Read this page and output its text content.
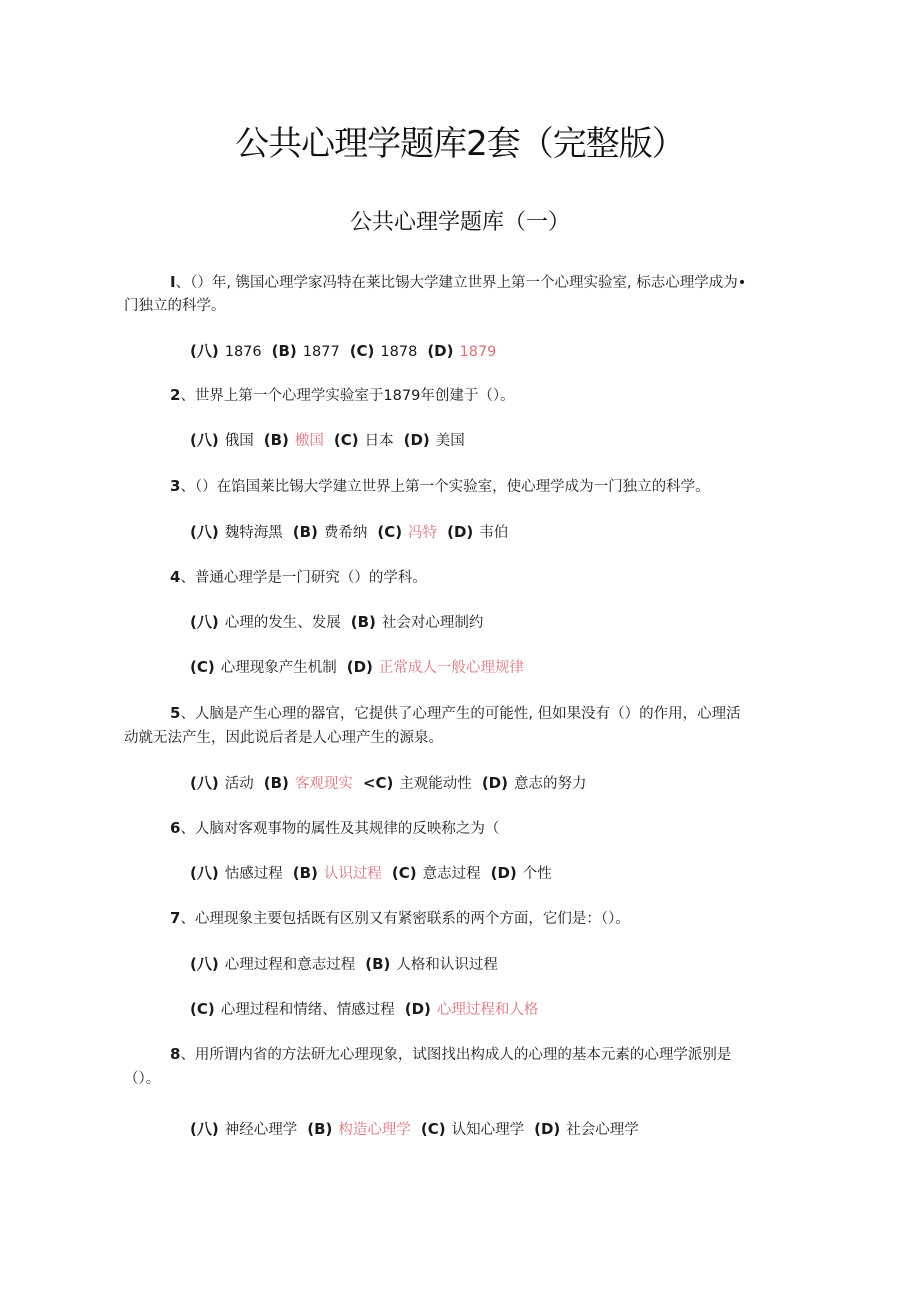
公共心理学题库2套（完整版）
公共心理学题库（一）
I、（）年, 镌国心理学家冯特在莱比锡大学建立世界上第一个心理实验室, 标志心理学成为•
门独立的科学。
(八) 1876 (B) 1877 (C) 1878 (D) 1879
2、世界上第一个心理学实验室于1879年创建于（）。
(八) 俄国 (B) 檄国 (C) 日本 (D) 美国
3、（）在馅国莱比锡大学建立世界上第一个实验室，使心理学成为一门独立的科学。
(八) 魏特海黑 (B) 费希纳 (C) 冯特 (D) 韦伯
4、普通心理学是一门研究（）的学科。
(八) 心理的发生、发展 (B) 社会对心理制约
(C) 心理现象产生机制 (D) 正常成人一般心理规律
5、人脑是产生心理的器官，它提供了心理产生的可能性, 但如果没有（）的作用，心理活
动就无法产生，因此说后者是人心理产生的源泉。
(八) 活动 (B) 客观现实 <C) 主观能动性 (D) 意志的努力
6、人脑对客观事物的属性及其规律的反映称之为（
(八) 怙感过程 (B) 认识过程 (C) 意志过程 (D) 个性
7、心理现象主要包括既有区别又有紧密联系的两个方面，它们是：（）。
(八) 心理过程和意志过程 (B) 人格和认识过程
(C) 心理过程和情绪、情感过程 (D) 心理过程和人格
8、用所谓内省的方法研尢心理现象，试图找出构成人的心理的基本元素的心理学派别是
（）。
(八) 神经心理学 (B) 构造心理学 (C) 认知心理学 (D) 社会心理学
